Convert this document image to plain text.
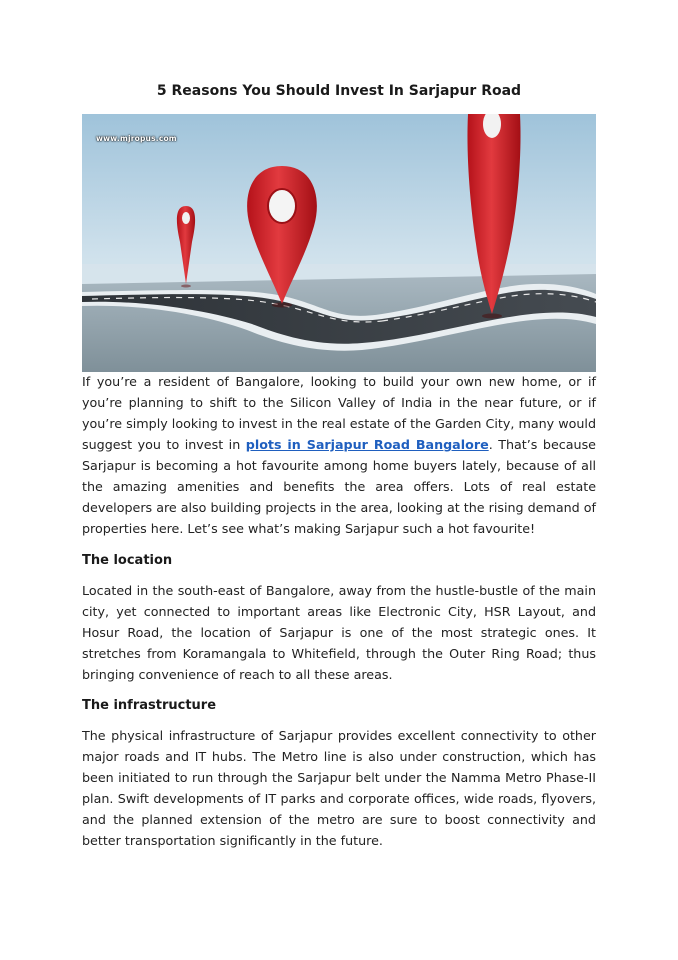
5 Reasons You Should Invest In Sarjapur Road
www.mjropus.com
If you’re a resident of Bangalore, looking to build your own new home, or if you’re planning to shift to the Silicon Valley of India in the near future, or if you’re simply looking to invest in the real estate of the Garden City, many would suggest you to invest in plots in Sarjapur Road Bangalore. That’s because Sarjapur is becoming a hot favourite among home buyers lately, because of all the amazing amenities and benefits the area offers. Lots of real estate developers are also building projects in the area, looking at the rising demand of properties here. Let’s see what’s making Sarjapur such a hot favourite!
The location
Located in the south-east of Bangalore, away from the hustle-bustle of the main city, yet connected to important areas like Electronic City, HSR Layout, and Hosur Road, the location of Sarjapur is one of the most strategic ones. It stretches from Koramangala to Whitefield, through the Outer Ring Road; thus bringing convenience of reach to all these areas.
The infrastructure
The physical infrastructure of Sarjapur provides excellent connectivity to other major roads and IT hubs. The Metro line is also under construction, which has been initiated to run through the Sarjapur belt under the Namma Metro Phase-II plan. Swift developments of IT parks and corporate offices, wide roads, flyovers, and the planned extension of the metro are sure to boost connectivity and better transportation significantly in the future.
